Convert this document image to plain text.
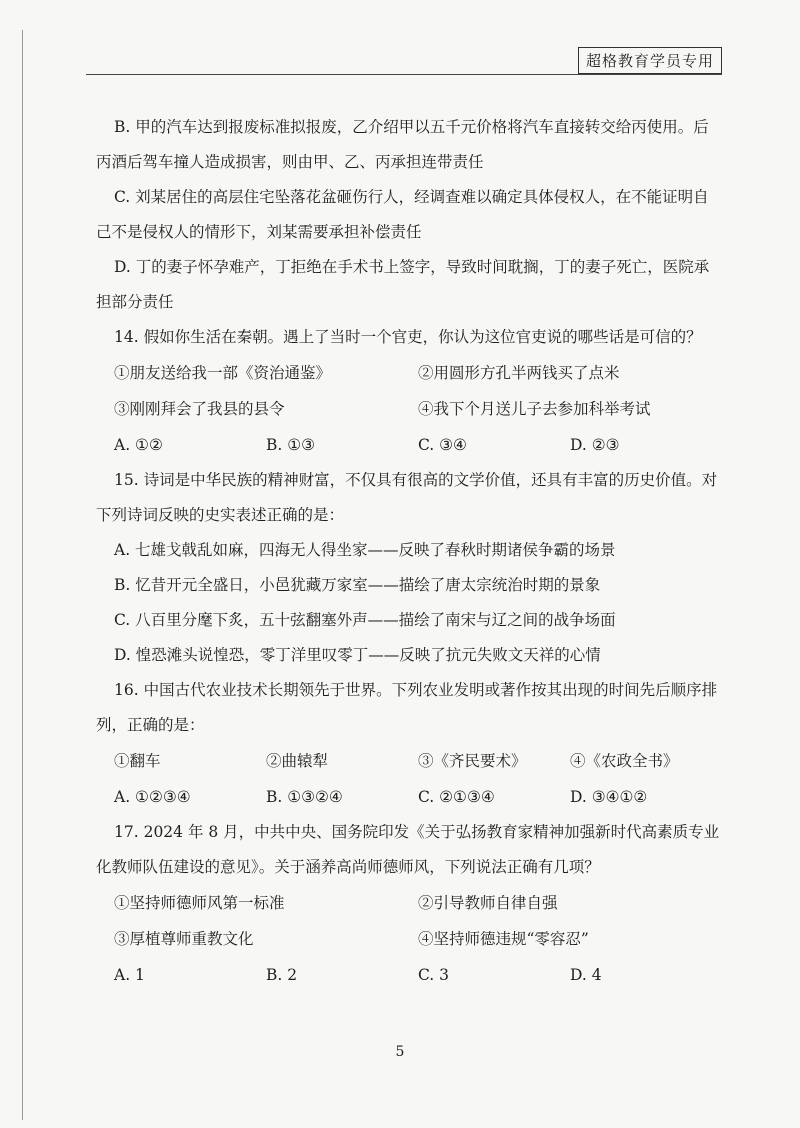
超格教育学员专用

B. 甲的汽车达到报废标准拟报废，乙介绍甲以五千元价格将汽车直接转交给丙使用。后丙酒后驾车撞人造成损害，则由甲、乙、丙承担连带责任

C. 刘某居住的高层住宅坠落花盆砸伤行人，经调查难以确定具体侵权人，在不能证明自己不是侵权人的情形下，刘某需要承担补偿责任

D. 丁的妻子怀孕难产，丁拒绝在手术书上签字，导致时间耽搁，丁的妻子死亡，医院承担部分责任

14. 假如你生活在秦朝。遇上了当时一个官吏，你认为这位官吏说的哪些话是可信的？

①朋友送给我一部《资治通鉴》	②用圆形方孔半两钱买了点米
③刚刚拜会了我县的县令	④我下个月送儿子去参加科举考试
A. ①②	B. ①③	C. ③④	D. ②③

15. 诗词是中华民族的精神财富，不仅具有很高的文学价值，还具有丰富的历史价值。对下列诗词反映的史实表述正确的是：

A. 七雄戈戟乱如麻，四海无人得坐家——反映了春秋时期诸侯争霸的场景

B. 忆昔开元全盛日，小邑犹藏万家室——描绘了唐太宗统治时期的景象

C. 八百里分麾下炙，五十弦翻塞外声——描绘了南宋与辽之间的战争场面

D. 惶恐滩头说惶恐，零丁洋里叹零丁——反映了抗元失败文天祥的心情

16. 中国古代农业技术长期领先于世界。下列农业发明或著作按其出现的时间先后顺序排列，正确的是：

①翻车	②曲辕犁	③《齐民要术》	④《农政全书》
A. ①②③④	B. ①③②④	C. ②①③④	D. ③④①②

17. 2024 年 8 月，中共中央、国务院印发《关于弘扬教育家精神加强新时代高素质专业化教师队伍建设的意见》。关于涵养高尚师德师风，下列说法正确有几项？

①坚持师德师风第一标准	②引导教师自律自强
③厚植尊师重教文化	④坚持师德违规“零容忍”
A. 1	B. 2	C. 3	D. 4
5
